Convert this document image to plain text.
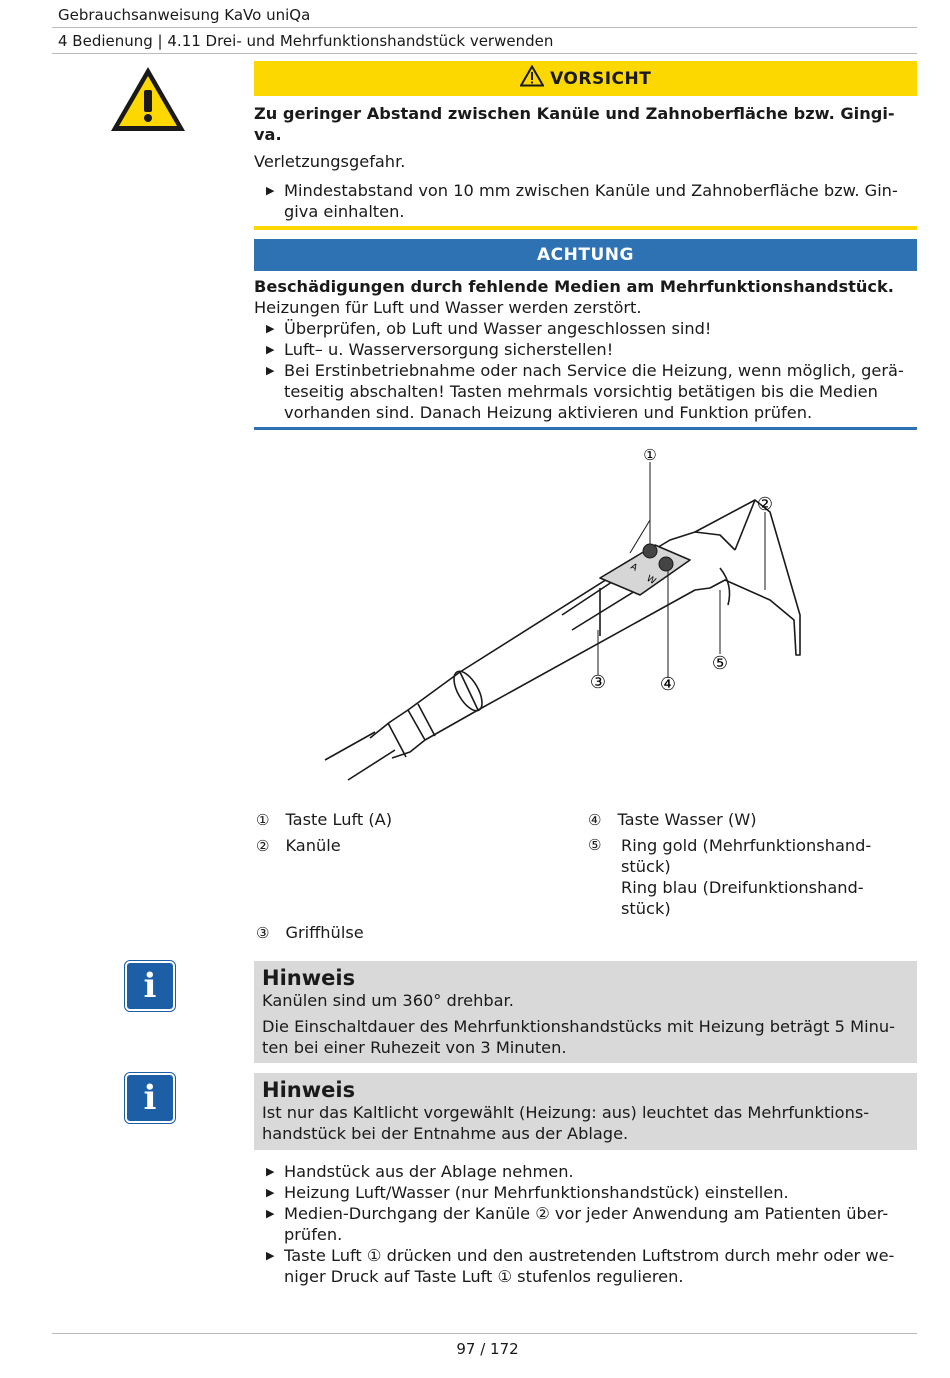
Gebrauchsanweisung KaVo uniQa
4 Bedienung | 4.11 Drei- und Mehrfunktionshandstück verwenden
VORSICHT
Zu geringer Abstand zwischen Kanüle und Zahnoberfläche bzw. Gingi-
va.
Verletzungsgefahr.
▶ Mindestabstand von 10 mm zwischen Kanüle und Zahnoberfläche bzw. Gin-
giva einhalten.
ACHTUNG
Beschädigungen durch fehlende Medien am Mehrfunktionshandstück.
Heizungen für Luft und Wasser werden zerstört.
▶ Überprüfen, ob Luft und Wasser angeschlossen sind!
▶ Luft– u. Wasserversorgung sicherstellen!
▶ Bei Erstinbetriebnahme oder nach Service die Heizung, wenn möglich, gerä-
teseitig abschalten! Tasten mehrmals vorsichtig betätigen bis die Medien
vorhanden sind. Danach Heizung aktivieren und Funktion prüfen.
A
W
①
②
③	④
⑤
① Taste Luft (A)
② Kanüle
③ Griffhülse
④ Taste Wasser (W)
⑤ Ring gold (Mehrfunktionshand-
stück)
Ring blau (Dreifunktionshand-
stück)
i	Hinweis

Kanülen sind um 360° drehbar.

Die Einschaltdauer des Mehrfunktionshandstücks mit Heizung beträgt 5 Minu-
ten bei einer Ruhezeit von 3 Minuten.

i	Hinweis

Ist nur das Kaltlicht vorgewählt (Heizung: aus) leuchtet das Mehrfunktions-
handstück bei der Entnahme aus der Ablage.

▶ Handstück aus der Ablage nehmen.
▶ Heizung Luft/Wasser (nur Mehrfunktionshandstück) einstellen.
▶ Medien-Durchgang der Kanüle ② vor jeder Anwendung am Patienten über-
prüfen.
▶ Taste Luft ① drücken und den austretenden Luftstrom durch mehr oder we-
niger Druck auf Taste Luft ① stufenlos regulieren.
97 / 172
